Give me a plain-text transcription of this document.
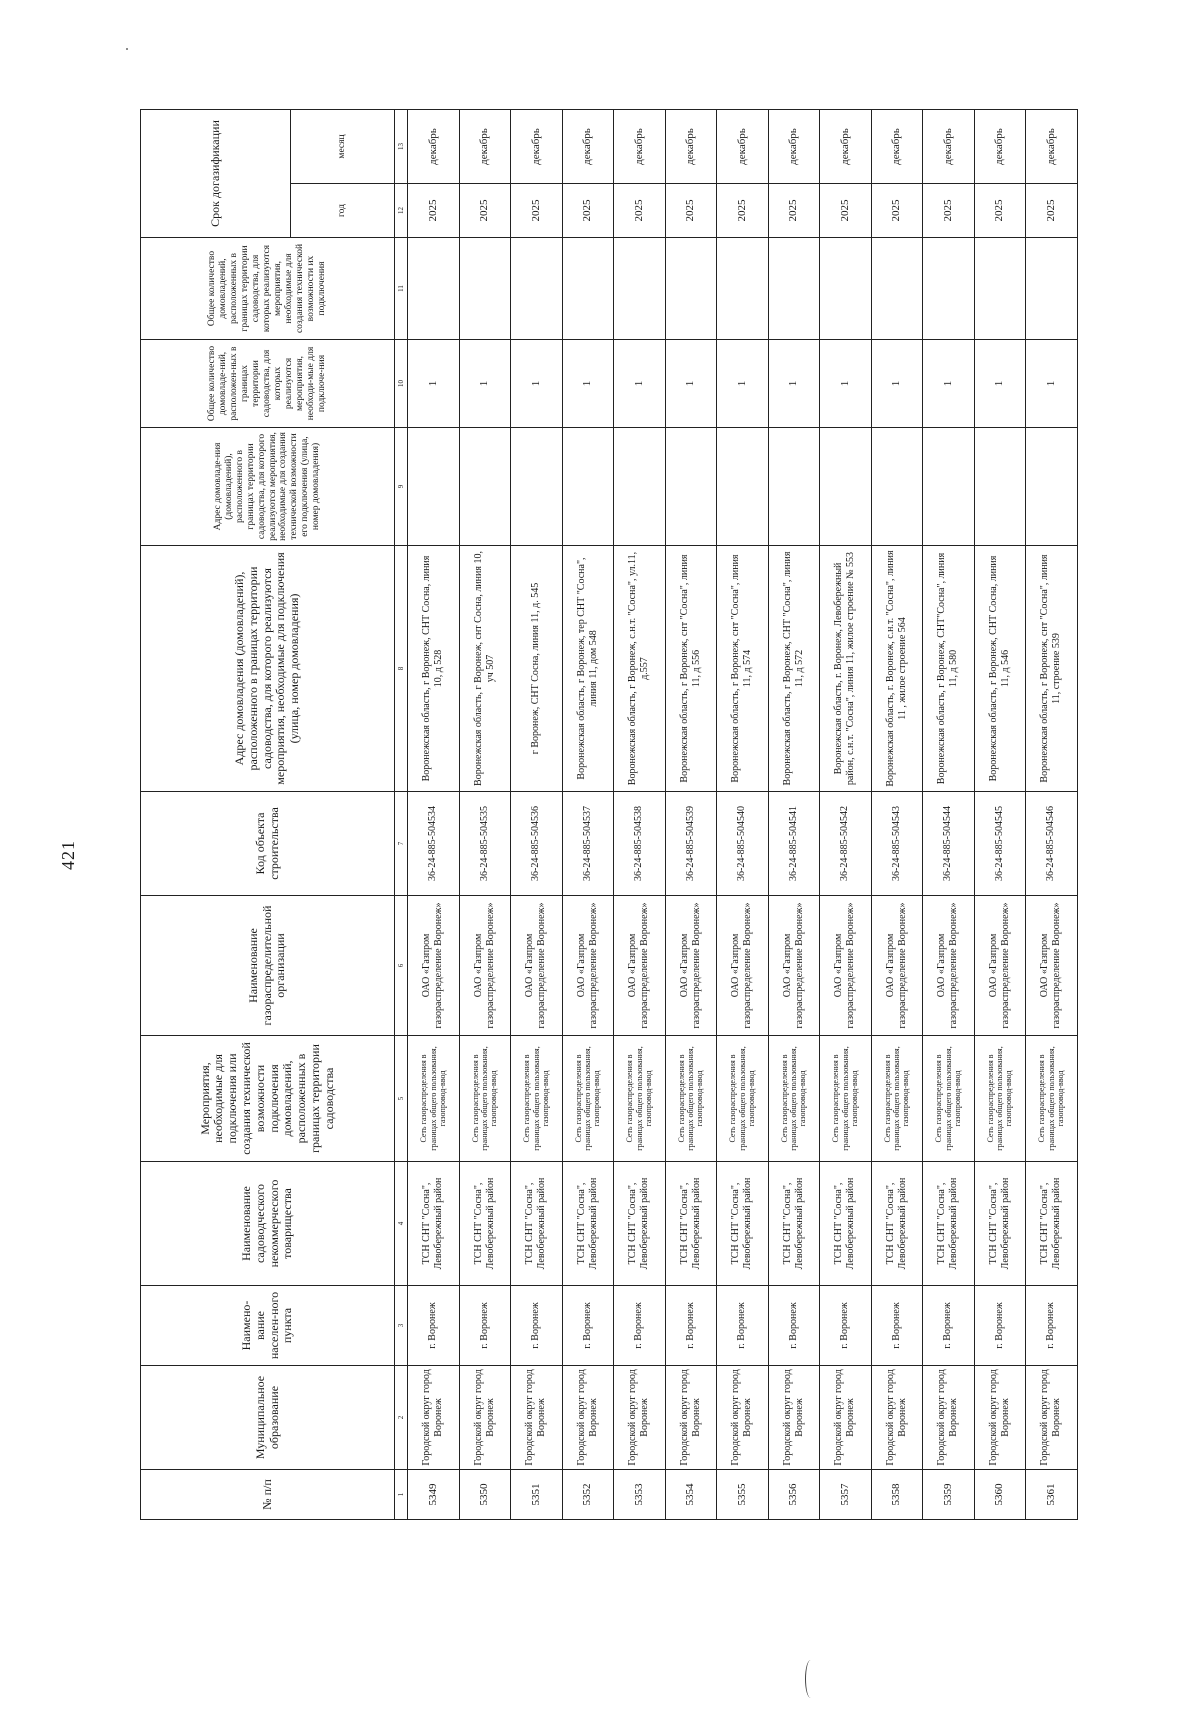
421
№ п/п	Муниципальное образование	Наимено-вание населен-ного пункта	Наименование садоводческого некоммерческого товарищества	Мероприятия, необходимые для подключения или создания технической возможности подключения домовладений, расположенных в границах территории садоводства	Наименование газораспределительной организации	Код объекта строительства	Адрес домовладения (домовладений), расположенного в границах территории садоводства, для которого реализуются мероприятия, необходимые для подключения (улица, номер домовладения)	Адрес домовладе-ния (домовладений), расположенного в границах территории садоводства, для которого реализуются мероприятия, необходимые для создания технической возможности его подключения (улица, номер домовладения)	Общее количество домовладе-ний, расположен-ных в границах территории садоводства, для которых реализуются мероприятия, необходи-мые для подключе-ния	Общее количество домовладений, расположенных в границах территории садоводства, для которых реализуются мероприятия, необходимые для создания технической возможности их подключения	Срок догазификации	
											год	месяц
1	2	3	4	5	6	7	8	9	10	11	12	13
5349	Городской округ город Воронеж	г. Воронеж	ТСН СНТ "Сосна", Левобережный район	Сеть газораспределения в границах общего пользования, газопровод-ввод	ОАО «Газпром газораспределение Воронеж»	36-24-885-504534	Воронежская область, г Воронеж, СНТ Сосна, линия 10, д 528		1		2025	декабрь
5350	Городской округ город Воронеж	г. Воронеж	ТСН СНТ "Сосна", Левобережный район	Сеть газораспределения в границах общего пользования, газопровод-ввод	ОАО «Газпром газораспределение Воронеж»	36-24-885-504535	Воронежская область, г Воронеж, снт Сосна, линия 10, уч 507		1		2025	декабрь
5351	Городской округ город Воронеж	г. Воронеж	ТСН СНТ "Сосна", Левобережный район	Сеть газораспределения в границах общего пользования, газопровод-ввод	ОАО «Газпром газораспределение Воронеж»	36-24-885-504536	г Воронеж, СНТ Сосна, линия 11, д. 545		1		2025	декабрь
5352	Городской округ город Воронеж	г. Воронеж	ТСН СНТ "Сосна", Левобережный район	Сеть газораспределения в границах общего пользования, газопровод-ввод	ОАО «Газпром газораспределение Воронеж»	36-24-885-504537	Воронежская область, г Воронеж, тер СНТ "Сосна", линия 11, дом 548		1		2025	декабрь
5353	Городской округ город Воронеж	г. Воронеж	ТСН СНТ "Сосна", Левобережный район	Сеть газораспределения в границах общего пользования, газопровод-ввод	ОАО «Газпром газораспределение Воронеж»	36-24-885-504538	Воронежская область, г Воронеж, с.н.т. "Сосна", ул.11, д.557		1		2025	декабрь
5354	Городской округ город Воронеж	г. Воронеж	ТСН СНТ "Сосна", Левобережный район	Сеть газораспределения в границах общего пользования, газопровод-ввод	ОАО «Газпром газораспределение Воронеж»	36-24-885-504539	Воронежская область, г Воронеж, снт "Сосна", линия 11, д 556		1		2025	декабрь
5355	Городской округ город Воронеж	г. Воронеж	ТСН СНТ "Сосна", Левобережный район	Сеть газораспределения в границах общего пользования, газопровод-ввод	ОАО «Газпром газораспределение Воронеж»	36-24-885-504540	Воронежская область, г Воронеж, снт "Сосна", линия 11, д 574		1		2025	декабрь
5356	Городской округ город Воронеж	г. Воронеж	ТСН СНТ "Сосна", Левобережный район	Сеть газораспределения в границах общего пользования, газопровод-ввод	ОАО «Газпром газораспределение Воронеж»	36-24-885-504541	Воронежская область, г Воронеж, СНТ "Сосна", линия 11, д 572		1		2025	декабрь
5357	Городской округ город Воронеж	г. Воронеж	ТСН СНТ "Сосна", Левобережный район	Сеть газораспределения в границах общего пользования, газопровод-ввод	ОАО «Газпром газораспределение Воронеж»	36-24-885-504542	Воронежская область, г. Воронеж, Левобережный район, с.н.т. "Сосна", линия 11, жилое строение № 553		1		2025	декабрь
5358	Городской округ город Воронеж	г. Воронеж	ТСН СНТ "Сосна", Левобережный район	Сеть газораспределения в границах общего пользования, газопровод-ввод	ОАО «Газпром газораспределение Воронеж»	36-24-885-504543	Воронежская область, г. Воронеж, с.н.т. "Сосна", линия 11 , жилое строение 564		1		2025	декабрь
5359	Городской округ город Воронеж	г. Воронеж	ТСН СНТ "Сосна", Левобережный район	Сеть газораспределения в границах общего пользования, газопровод-ввод	ОАО «Газпром газораспределение Воронеж»	36-24-885-504544	Воронежская область, г Воронеж, СНТ"Сосна", линия 11, д 580		1		2025	декабрь
5360	Городской округ город Воронеж	г. Воронеж	ТСН СНТ "Сосна", Левобережный район	Сеть газораспределения в границах общего пользования, газопровод-ввод	ОАО «Газпром газораспределение Воронеж»	36-24-885-504545	Воронежская область, г Воронеж, СНТ Сосна, линия 11, д 546		1		2025	декабрь
5361	Городской округ город Воронеж	г. Воронеж	ТСН СНТ "Сосна", Левобережный район	Сеть газораспределения в границах общего пользования, газопровод-ввод	ОАО «Газпром газораспределение Воронеж»	36-24-885-504546	Воронежская область, г Воронеж, снт "Сосна", линия 11, строение 539		1		2025	декабрь
